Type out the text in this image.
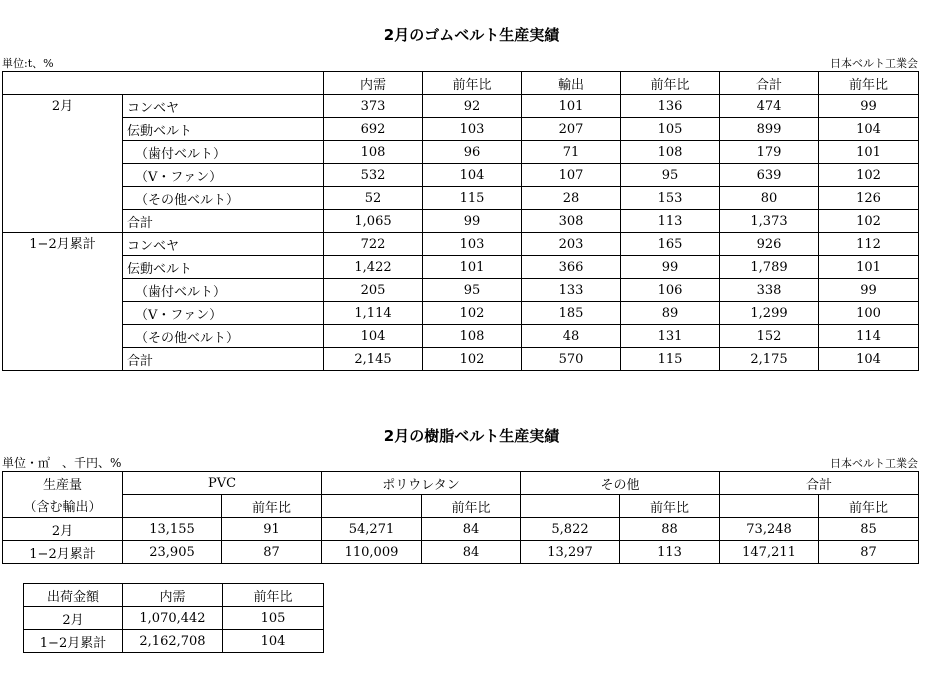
2月のゴムベルト生産実績
単位:t、%	日本ベルト工業会
		内需	前年比	輸出	前年比	合計	前年比
2月	コンベヤ	373	92	101	136	474	99
	伝動ベルト	692	103	207	105	899	104
	（歯付ベルト）	108	96	71	108	179	101
	（V・ファン）	532	104	107	95	639	102
	（その他ベルト）	52	115	28	153	80	126
	合計	1,065	99	308	113	1,373	102
1−2月累計	コンベヤ	722	103	203	165	926	112
	伝動ベルト	1,422	101	366	99	1,789	101
	（歯付ベルト）	205	95	133	106	338	99
	（V・ファン）	1,114	102	185	89	1,299	100
	（その他ベルト）	104	108	48	131	152	114
	合計	2,145	102	570	115	2,175	104
2月の樹脂ベルト生産実績
単位・㎡　、千円、%	日本ベルト工業会
生産量	PVC		ポリウレタン		その他		合計	
（含む輸出）		前年比		前年比		前年比		前年比
2月	13,155	91	54,271	84	5,822	88	73,248	85
1−2月累計	23,905	87	110,009	84	13,297	113	147,211	87
出荷金額	内需	前年比
2月	1,070,442	105
1−2月累計	2,162,708	104
